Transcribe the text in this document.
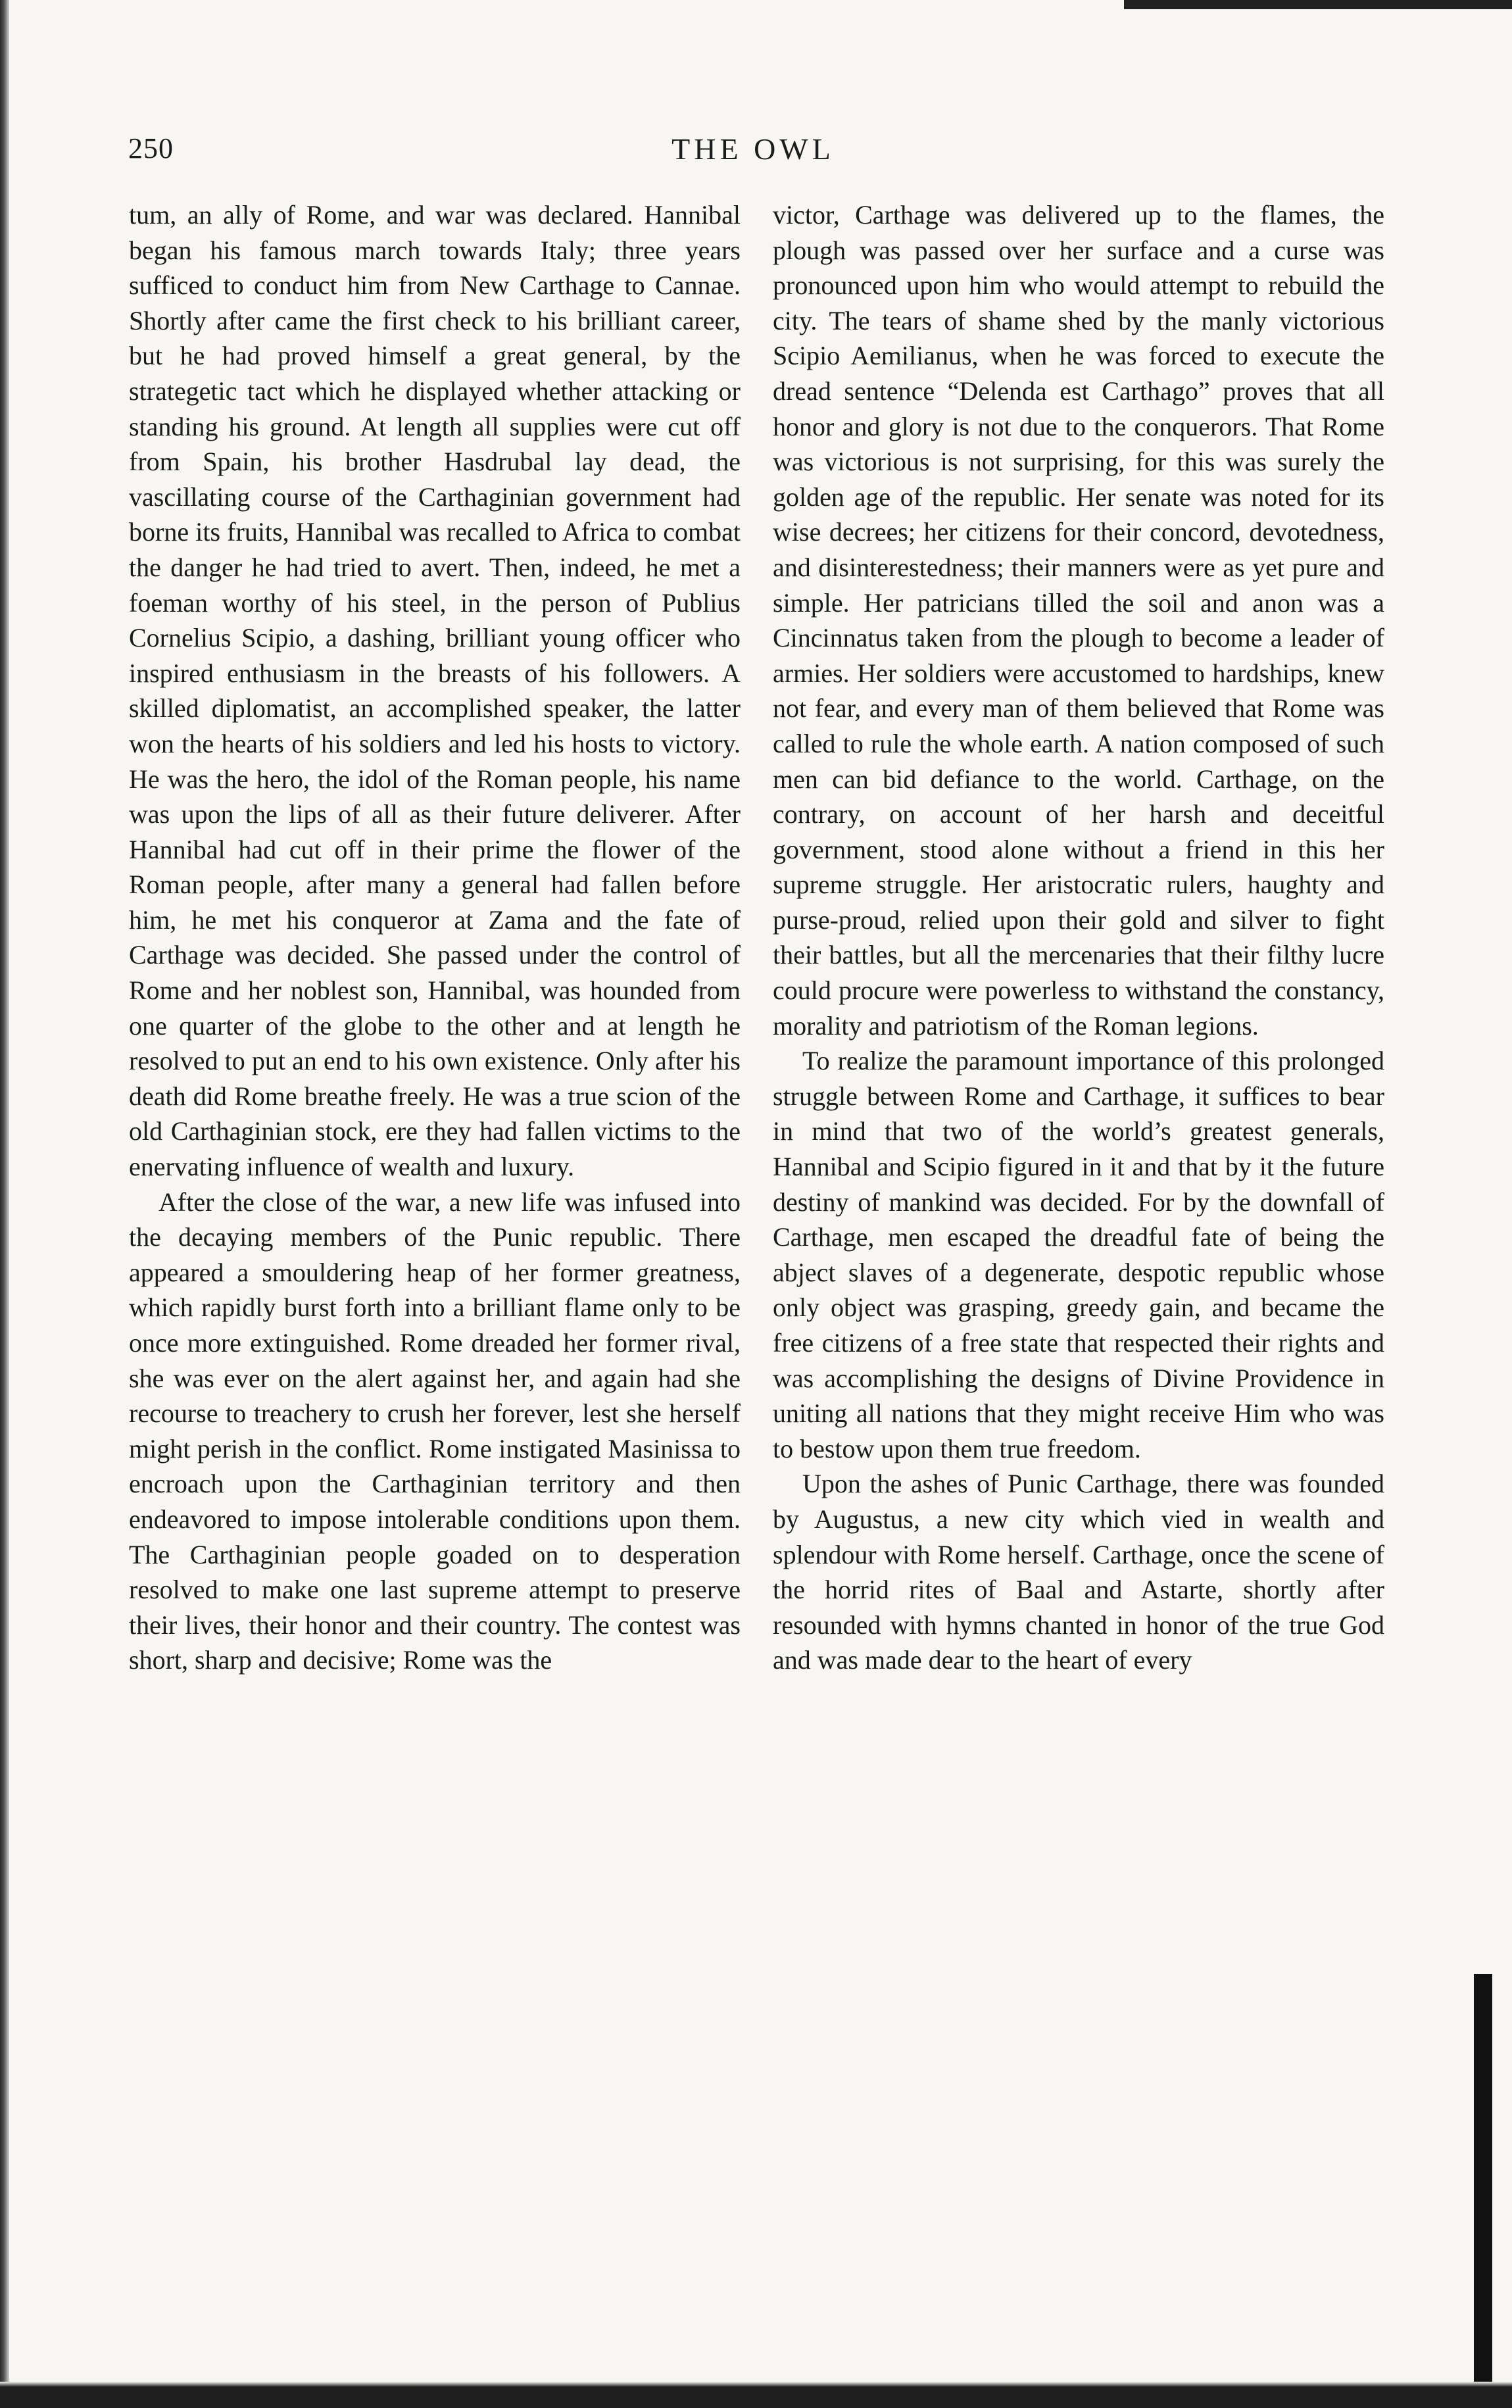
250	THE OWL

tum, an ally of Rome, and war was declared. Hannibal began his famous march towards Italy; three years sufficed to conduct him from New Carthage to Cannae. Shortly after came the first check to his brilliant career, but he had proved himself a great general, by the strategetic tact which he displayed whether attacking or standing his ground. At length all supplies were cut off from Spain, his brother Hasdrubal lay dead, the vascillating course of the Carthaginian government had borne its fruits, Hannibal was recalled to Africa to combat the danger he had tried to avert. Then, indeed, he met a foeman worthy of his steel, in the person of Publius Cornelius Scipio, a dashing, brilliant young officer who inspired enthusiasm in the breasts of his followers. A skilled diplomatist, an accomplished speaker, the latter won the hearts of his soldiers and led his hosts to victory. He was the hero, the idol of the Roman people, his name was upon the lips of all as their future deliverer. After Hannibal had cut off in their prime the flower of the Roman people, after many a general had fallen before him, he met his conqueror at Zama and the fate of Carthage was decided. She passed under the control of Rome and her noblest son, Hannibal, was hounded from one quarter of the globe to the other and at length he resolved to put an end to his own existence. Only after his death did Rome breathe freely. He was a true scion of the old Carthaginian stock, ere they had fallen victims to the enervating influence of wealth and luxury.

After the close of the war, a new life was infused into the decaying members of the Punic republic. There appeared a smouldering heap of her former greatness, which rapidly burst forth into a brilliant flame only to be once more extinguished. Rome dreaded her former rival, she was ever on the alert against her, and again had she recourse to treachery to crush her forever, lest she herself might perish in the conflict. Rome instigated Masinissa to encroach upon the Carthaginian territory and then endeavored to impose intolerable conditions upon them. The Carthaginian people goaded on to desperation resolved to make one last supreme attempt to preserve their lives, their honor and their country. The contest was short, sharp and decisive; Rome was the

victor, Carthage was delivered up to the flames, the plough was passed over her surface and a curse was pronounced upon him who would attempt to rebuild the city. The tears of shame shed by the manly victorious Scipio Aemilianus, when he was forced to execute the dread sentence “Delenda est Carthago” proves that all honor and glory is not due to the conquerors. That Rome was victorious is not surprising, for this was surely the golden age of the republic. Her senate was noted for its wise decrees; her citizens for their concord, devotedness, and disinterestedness; their manners were as yet pure and simple. Her patricians tilled the soil and anon was a Cincinnatus taken from the plough to become a leader of armies. Her soldiers were accustomed to hardships, knew not fear, and every man of them believed that Rome was called to rule the whole earth. A nation composed of such men can bid defiance to the world. Carthage, on the contrary, on account of her harsh and deceitful government, stood alone without a friend in this her supreme struggle. Her aristocratic rulers, haughty and purse-proud, relied upon their gold and silver to fight their battles, but all the mercenaries that their filthy lucre could procure were powerless to withstand the constancy, morality and patriotism of the Roman legions.

To realize the paramount importance of this prolonged struggle between Rome and Carthage, it suffices to bear in mind that two of the world’s greatest generals, Hannibal and Scipio figured in it and that by it the future destiny of mankind was decided. For by the downfall of Carthage, men escaped the dreadful fate of being the abject slaves of a degenerate, despotic republic whose only object was grasping, greedy gain, and became the free citizens of a free state that respected their rights and was accomplishing the designs of Divine Providence in uniting all nations that they might receive Him who was to bestow upon them true freedom.

Upon the ashes of Punic Carthage, there was founded by Augustus, a new city which vied in wealth and splendour with Rome herself. Carthage, once the scene of the horrid rites of Baal and Astarte, shortly after resounded with hymns chanted in honor of the true God and was made dear to the heart of every
